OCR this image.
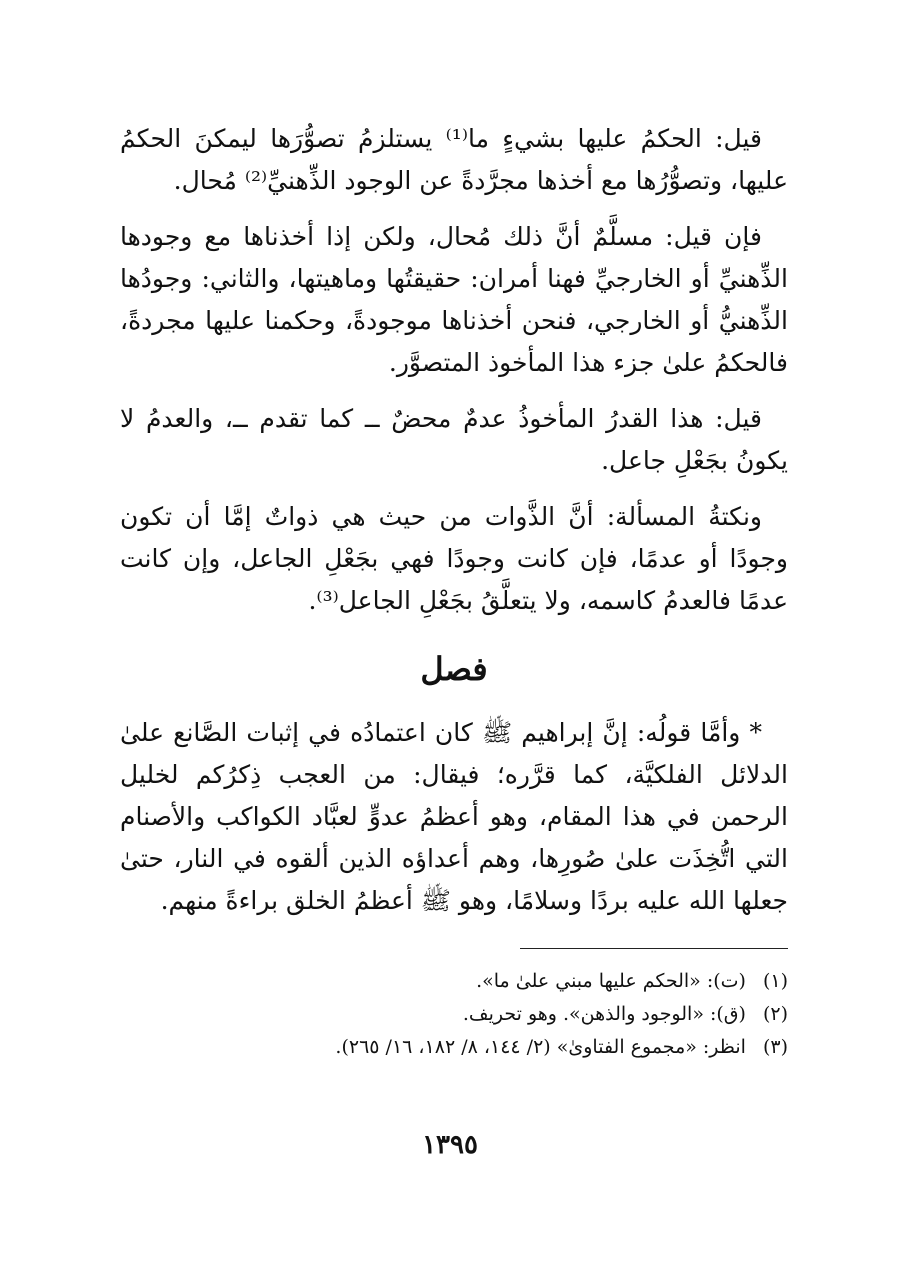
قيل: الحكمُ عليها بشيءٍ ما⁽¹⁾ يستلزمُ تصوُّرَها ليمكنَ الحكمُ عليها، وتصوُّرُها مع أخذها مجرَّدةً عن الوجود الذِّهنيِّ⁽²⁾ مُحال.

فإن قيل: مسلَّمٌ أنَّ ذلك مُحال، ولكن إذا أخذناها مع وجودها الذِّهنيِّ أو الخارجيِّ فهنا أمران: حقيقتُها وماهيتها، والثاني: وجودُها الذِّهنيُّ أو الخارجي، فنحن أخذناها موجودةً، وحكمنا عليها مجردةً، فالحكمُ علىٰ جزء هذا المأخوذ المتصوَّر.

قيل: هذا القدرُ المأخوذُ عدمٌ محضٌ ــ كما تقدم ــ، والعدمُ لا يكونُ بجَعْلِ جاعل.

ونكتةُ المسألة: أنَّ الذَّوات من حيث هي ذواتٌ إمَّا أن تكون وجودًا أو عدمًا، فإن كانت وجودًا فهي بجَعْلِ الجاعل، وإن كانت عدمًا فالعدمُ كاسمه، ولا يتعلَّقُ بجَعْلِ الجاعل⁽³⁾.

فصل

* وأمَّا قولُه: إنَّ إبراهيم ﷺ كان اعتمادُه في إثبات الصَّانع علىٰ الدلائل الفلكيَّة، كما قرَّره؛ فيقال: من العجب ذِكرُكم لخليل الرحمن في هذا المقام، وهو أعظمُ عدوٍّ لعبَّاد الكواكب والأصنام التي اتُّخِذَت علىٰ صُورِها، وهم أعداؤه الذين ألقوه في النار، حتىٰ جعلها الله عليه بردًا وسلامًا، وهو ﷺ أعظمُ الخلق براءةً منهم.

(١) (ت): «الحكم عليها مبني علىٰ ما».

(٢) (ق): «الوجود والذهن». وهو تحريف.

(٣) انظر: «مجموع الفتاوىٰ» (٢/ ١٤٤، ٨/ ١٨٢، ١٦/ ٢٦٥).

١٣٩٥
